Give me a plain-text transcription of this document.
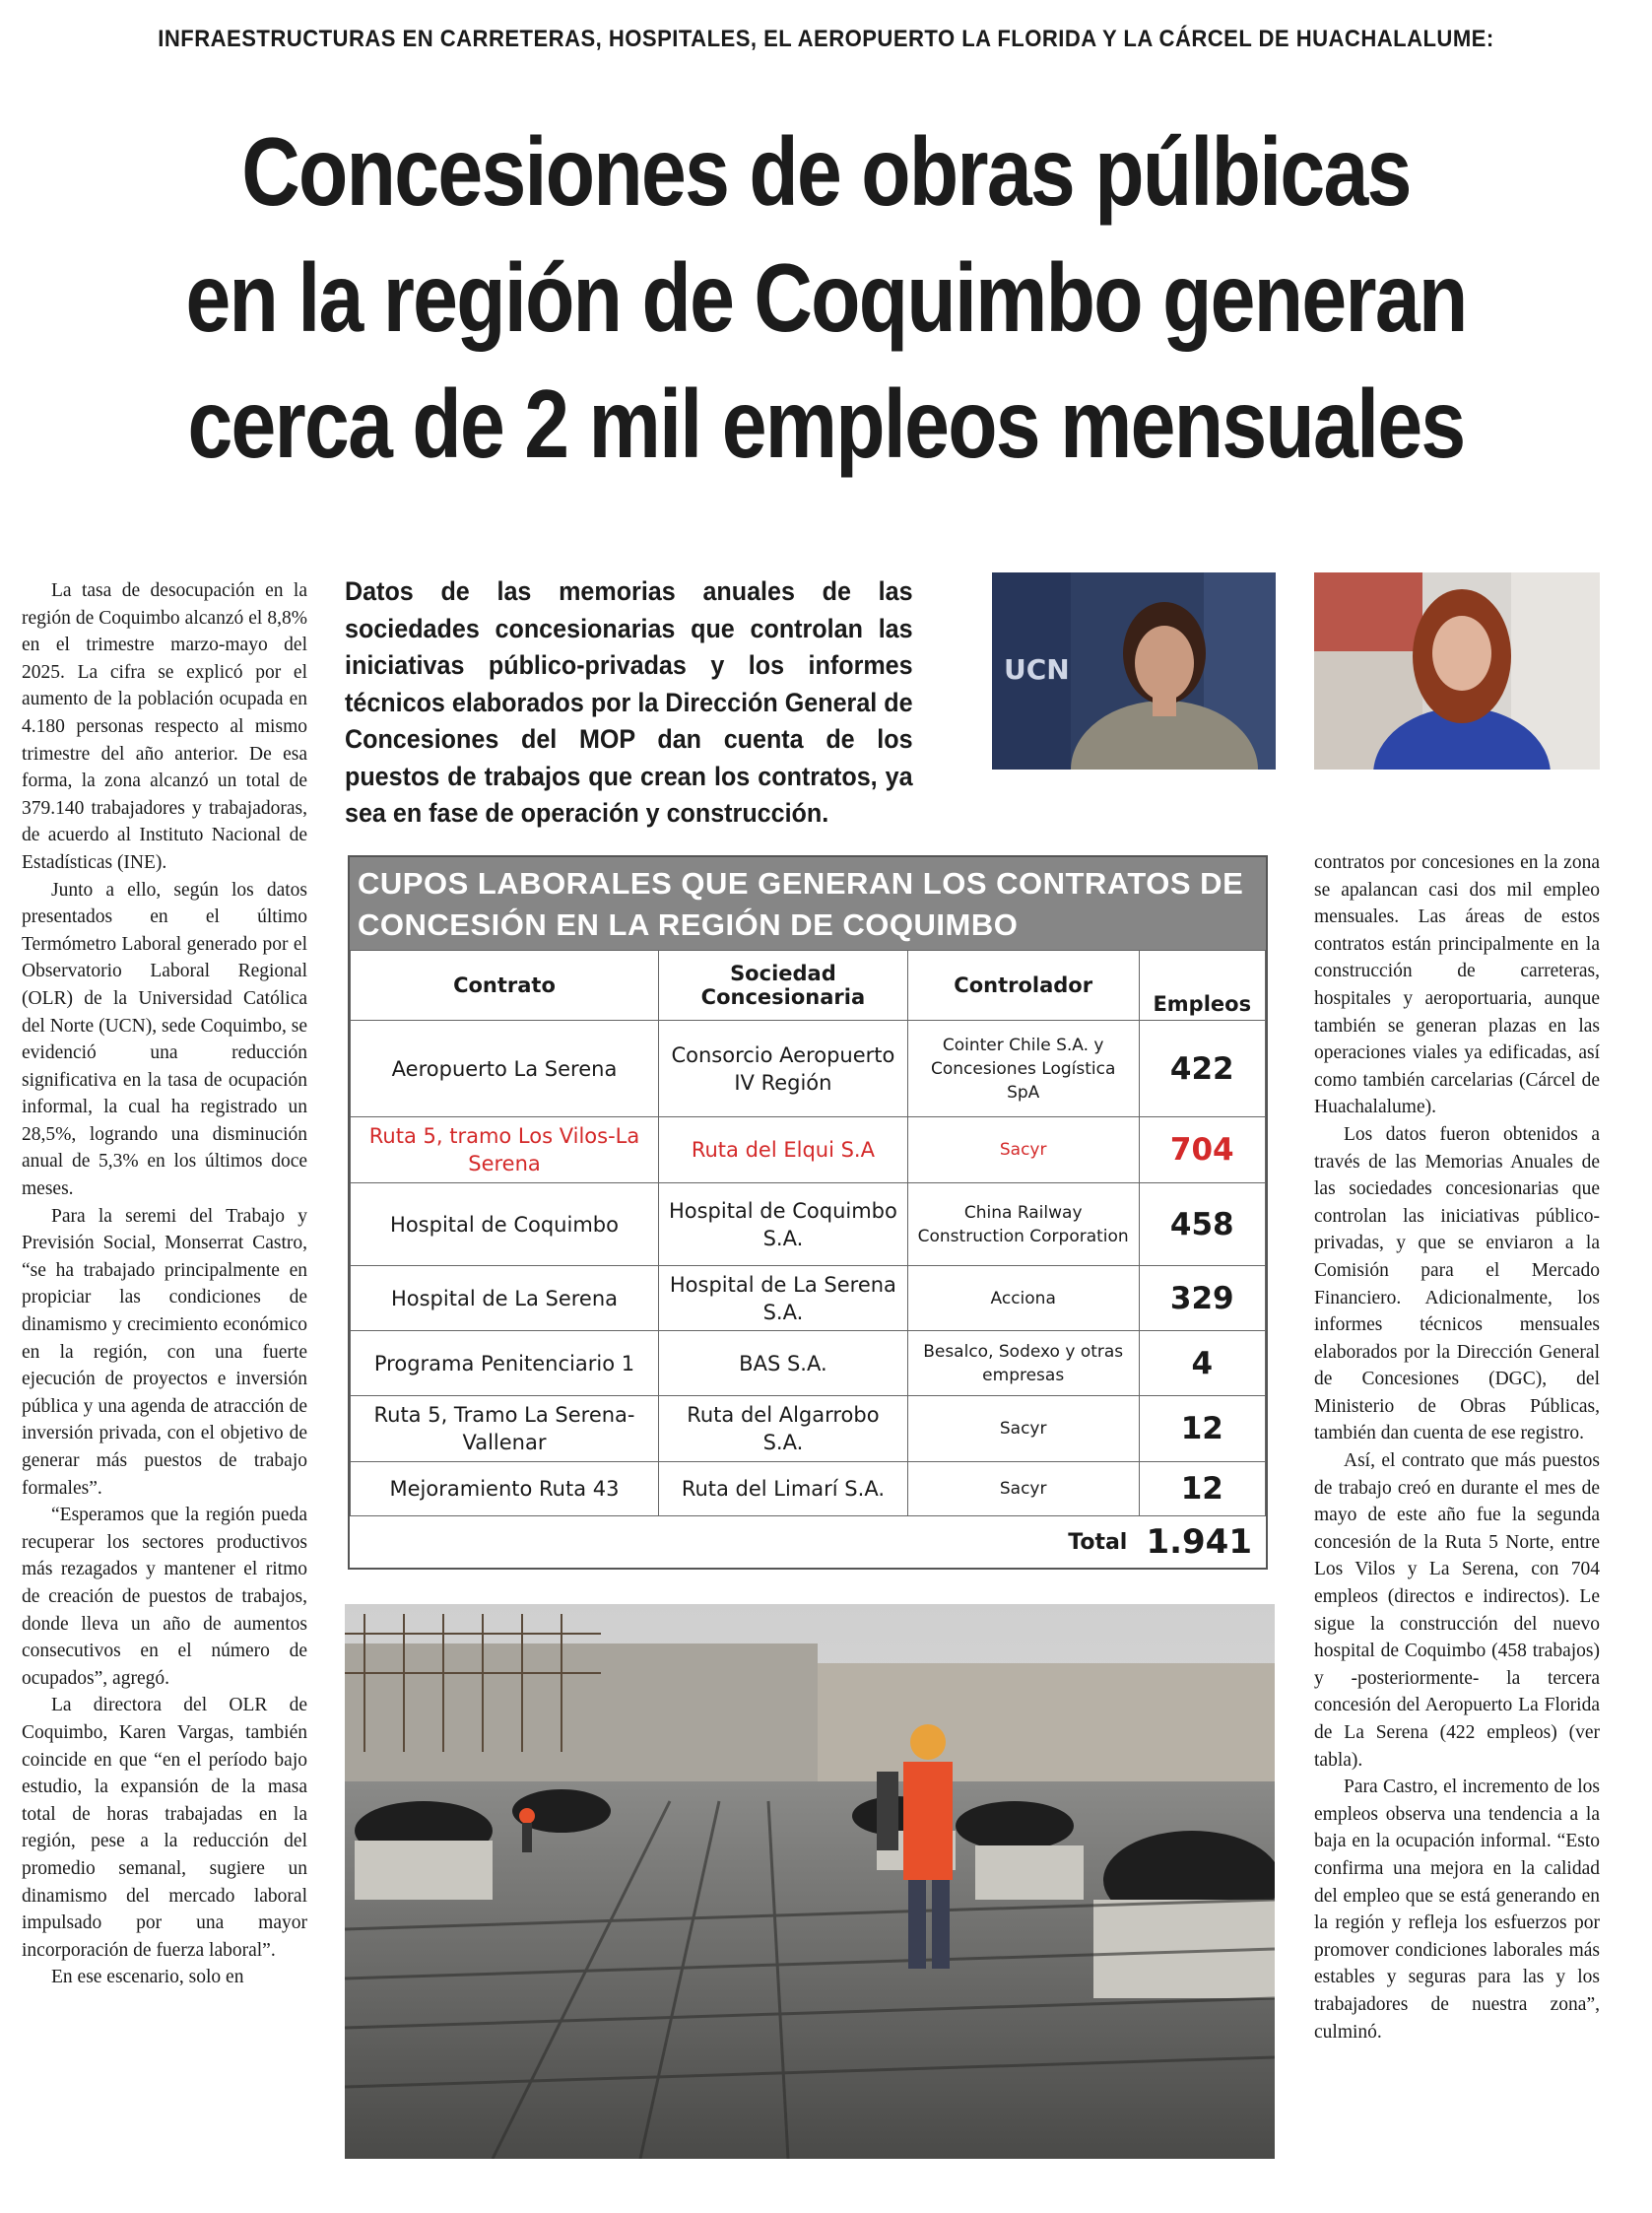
INFRAESTRUCTURAS EN CARRETERAS, HOSPITALES, EL AEROPUERTO LA FLORIDA Y LA CÁRCEL DE HUACHALALUME:
Concesiones de obras púlbicas
en la región de Coquimbo generan
cerca de 2 mil empleos mensuales

La tasa de desocupación en la región de Coquimbo alcanzó el 8,8% en el trimestre marzo-mayo del 2025. La cifra se explicó por el aumento de la población ocupada en 4.180 personas respecto al mismo trimestre del año anterior. De esa forma, la zona alcanzó un total de 379.140 trabajadores y trabajadoras, de acuerdo al Instituto Nacional de Estadísticas (INE).

Junto a ello, según los datos presentados en el último Termómetro Laboral generado por el Observatorio Laboral Regional (OLR) de la Universidad Católica del Norte (UCN), sede Coquimbo, se evidenció una reducción significativa en la tasa de ocupación informal, la cual ha registrado un 28,5%, logrando una disminución anual de 5,3% en los últimos doce meses.

Para la seremi del Trabajo y Previsión Social, Monserrat Castro, “se ha trabajado principalmente en propiciar las condiciones de dinamismo y crecimiento económico en la región, con una fuerte ejecución de proyectos e inversión pública y una agenda de atracción de inversión privada, con el objetivo de generar más puestos de trabajo formales”.

“Esperamos que la región pueda recuperar los sectores productivos más rezagados y mantener el ritmo de creación de puestos de trabajos, donde lleva un año de aumentos consecutivos en el número de ocupados”, agregó.

La directora del OLR de Coquimbo, Karen Vargas, también coincide en que “en el período bajo estudio, la expansión de la masa total de horas trabajadas en la región, pese a la reducción del promedio semanal, sugiere un dinamismo del mercado laboral impulsado por una mayor incorporación de fuerza laboral”.

En ese escenario, solo en

Datos de las memorias anuales de las sociedades concesionarias que controlan las iniciativas público-privadas y los informes técnicos elaborados por la Dirección General de Concesiones del MOP dan cuenta de los puestos de trabajos que crean los contratos, ya sea en fase de operación y construcción.

UCN
CUPOS LABORALES QUE GENERAN LOS CONTRATOS DE
CONCESIÓN EN LA REGIÓN DE COQUIMBO
Contrato	Sociedad Concesionaria	Controlador	Empleos
Aeropuerto La Serena	Consorcio Aeropuerto IV Región	Cointer Chile S.A. y Concesiones Logística SpA	422
Ruta 5, tramo Los Vilos-La Serena	Ruta del Elqui S.A	Sacyr	704
Hospital de Coquimbo	Hospital de Coquimbo S.A.	China Railway Construction Corporation	458
Hospital de La Serena	Hospital de La Serena S.A.	Acciona	329
Programa Penitenciario 1	BAS S.A.	Besalco, Sodexo y otras empresas	4
Ruta 5, Tramo La Serena-Vallenar	Ruta del Algarrobo S.A.	Sacyr	12
Mejoramiento Ruta 43	Ruta del Limarí S.A.	Sacyr	12
Total 1.941

contratos por concesiones en la zona se apalancan casi dos mil empleo mensuales. Las áreas de estos contratos están principalmente en la construcción de carreteras, hospitales y aeroportuaria, aunque también se generan plazas en las operaciones viales ya edificadas, así como también carcelarias (Cárcel de Huachalalume).

Los datos fueron obtenidos a través de las Memorias Anuales de las sociedades concesionarias que controlan las iniciativas público-privadas, y que se enviaron a la Comisión para el Mercado Financiero. Adicionalmente, los informes técnicos mensuales elaborados por la Dirección General de Concesiones (DGC), del Ministerio de Obras Públicas, también dan cuenta de ese registro.

Así, el contrato que más puestos de trabajo creó en durante el mes de mayo de este año fue la segunda concesión de la Ruta 5 Norte, entre Los Vilos y La Serena, con 704 empleos (directos e indirectos). Le sigue la construcción del nuevo hospital de Coquimbo (458 trabajos) y -posteriormente- la tercera concesión del Aeropuerto La Florida de La Serena (422 empleos) (ver tabla).

Para Castro, el incremento de los empleos observa una tendencia a la baja en la ocupación informal. “Esto confirma una mejora en la calidad del empleo que se está generando en la región y refleja los esfuerzos por promover condiciones laborales más estables y seguras para las y los trabajadores de nuestra zona”, culminó.
